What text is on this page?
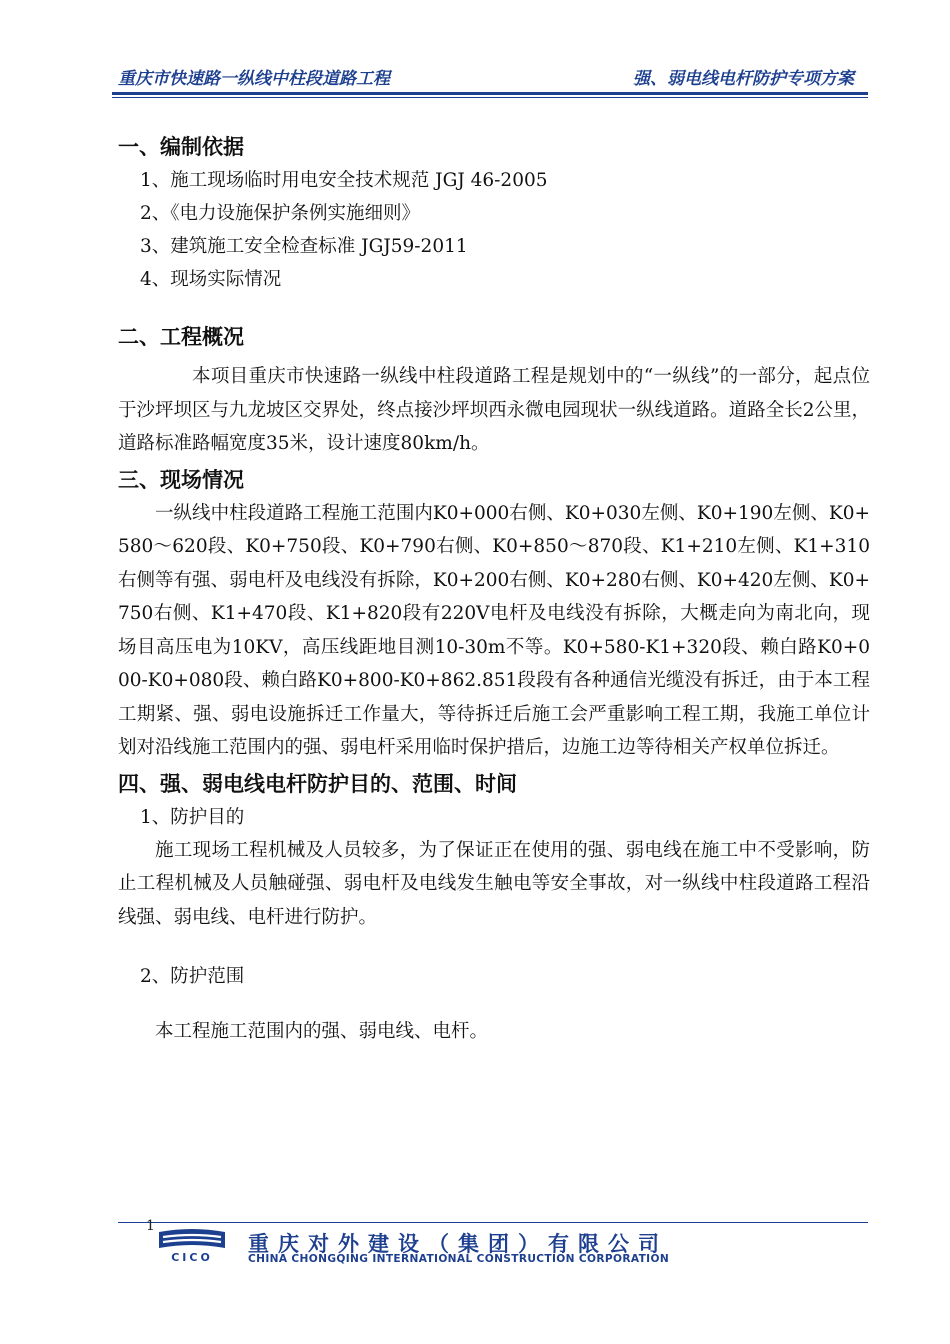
重庆市快速路一纵线中柱段道路工程	强、弱电线电杆防护专项方案
一、编制依据

1、施工现场临时用电安全技术规范 JGJ 46-2005

2、《电力设施保护条例实施细则》

3、建筑施工安全检查标准 JGJ59-2011

4、现场实际情况

二、工程概况

本项目重庆市快速路一纵线中柱段道路工程是规划中的“一纵线”的一部分，起点位于沙坪坝区与九龙坡区交界处，终点接沙坪坝西永微电园现状一纵线道路。道路全长2公里，道路标准路幅宽度35米，设计速度80km/h。

三、现场情况

一纵线中柱段道路工程施工范围内K0+000右侧、K0+030左侧、K0+190左侧、K0+580～620段、K0+750段、K0+790右侧、K0+850～870段、K1+210左侧、K1+310右侧等有强、弱电杆及电线没有拆除，K0+200右侧、K0+280右侧、K0+420左侧、K0+750右侧、K1+470段、K1+820段有220V电杆及电线没有拆除，大概走向为南北向，现场目高压电为10KV，高压线距地目测10-30m不等。K0+580-K1+320段、赖白路K0+000-K0+080段、赖白路K0+800-K0+862.851段段有各种通信光缆没有拆迁，由于本工程工期紧、强、弱电设施拆迁工作量大，等待拆迁后施工会严重影响工程工期，我施工单位计划对沿线施工范围内的强、弱电杆采用临时保护措后，边施工边等待相关产权单位拆迁。

四、强、弱电线电杆防护目的、范围、时间

1、防护目的

施工现场工程机械及人员较多，为了保证正在使用的强、弱电线在施工中不受影响，防止工程机械及人员触碰强、弱电杆及电线发生触电等安全事故，对一纵线中柱段道路工程沿线强、弱电线、电杆进行防护。

2、防护范围

本工程施工范围内的强、弱电线、电杆。

1
CICO
重庆对外建设（集团）有限公司
CHINA CHONGQING INTERNATIONAL CONSTRUCTION CORPORATION
